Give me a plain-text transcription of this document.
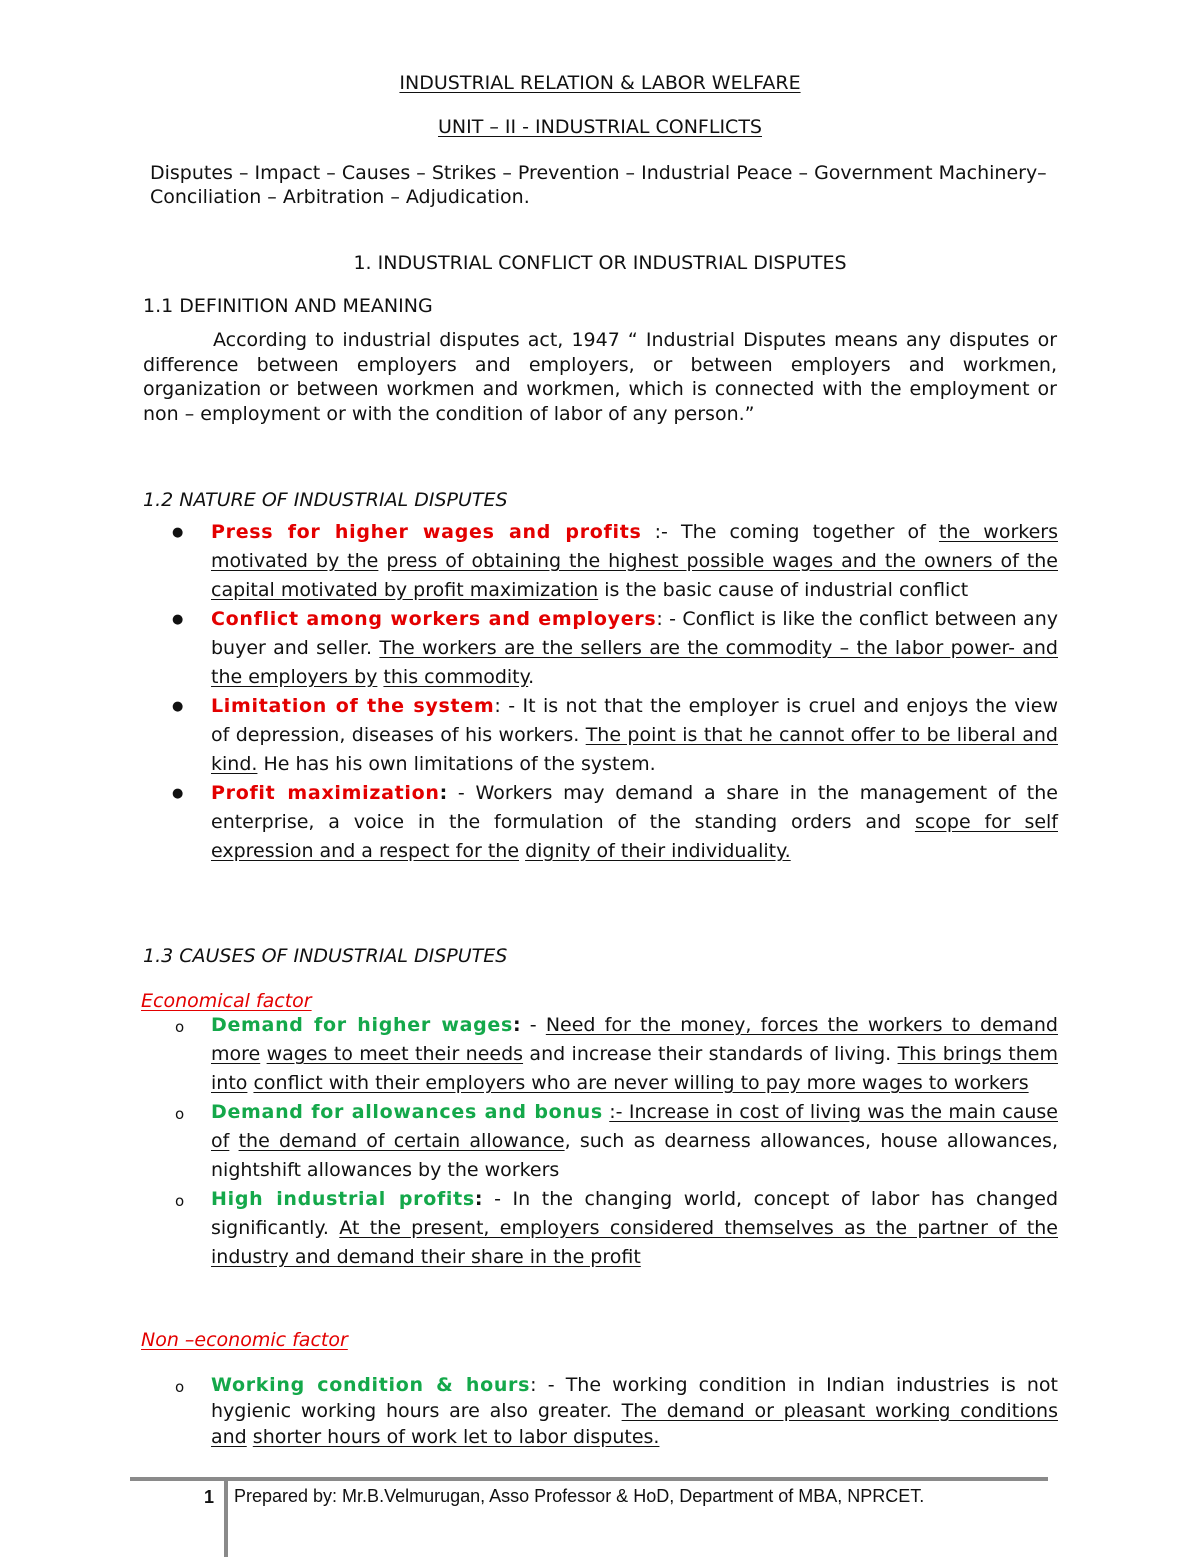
INDUSTRIAL RELATION & LABOR WELFARE
UNIT – II - INDUSTRIAL CONFLICTS
Disputes – Impact – Causes – Strikes – Prevention – Industrial Peace – Government Machinery– Conciliation – Arbitration – Adjudication.
1. INDUSTRIAL CONFLICT OR INDUSTRIAL DISPUTES
1.1 DEFINITION AND MEANING
According to industrial disputes act, 1947 “ Industrial Disputes means any disputes or difference between employers and employers, or between employers and workmen, organization or between workmen and workmen, which is connected with the employment or non – employment or with the condition of labor of any person.”
1.2 NATURE OF INDUSTRIAL DISPUTES
● Press for higher wages and profits :- The coming together of the workers motivated by the press of obtaining the highest possible wages and the owners of the capital motivated by profit maximization is the basic cause of industrial conflict
● Conflict among workers and employers: - Conflict is like the conflict between any buyer and seller. The workers are the sellers are the commodity – the labor power- and the employers by this commodity.
● Limitation of the system: - It is not that the employer is cruel and enjoys the view of depression, diseases of his workers. The point is that he cannot offer to be liberal and kind. He has his own limitations of the system.
● Profit maximization: - Workers may demand a share in the management of the enterprise, a voice in the formulation of the standing orders and scope for self expression and a respect for the dignity of their individuality.
1.3 CAUSES OF INDUSTRIAL DISPUTES
Economical factor
o Demand for higher wages: - Need for the money, forces the workers to demand more wages to meet their needs and increase their standards of living. This brings them into conflict with their employers who are never willing to pay more wages to workers
o Demand for allowances and bonus :- Increase in cost of living was the main cause of the demand of certain allowance, such as dearness allowances, house allowances, nightshift allowances by the workers
o High industrial profits: - In the changing world, concept of labor has changed significantly. At the present, employers considered themselves as the partner of the industry and demand their share in the profit
Non –economic factor
o Working condition & hours: - The working condition in Indian industries is not hygienic working hours are also greater. The demand or pleasant working conditions and shorter hours of work let to labor disputes.
1 Prepared by: Mr.B.Velmurugan, Asso Professor & HoD, Department of MBA, NPRCET.
